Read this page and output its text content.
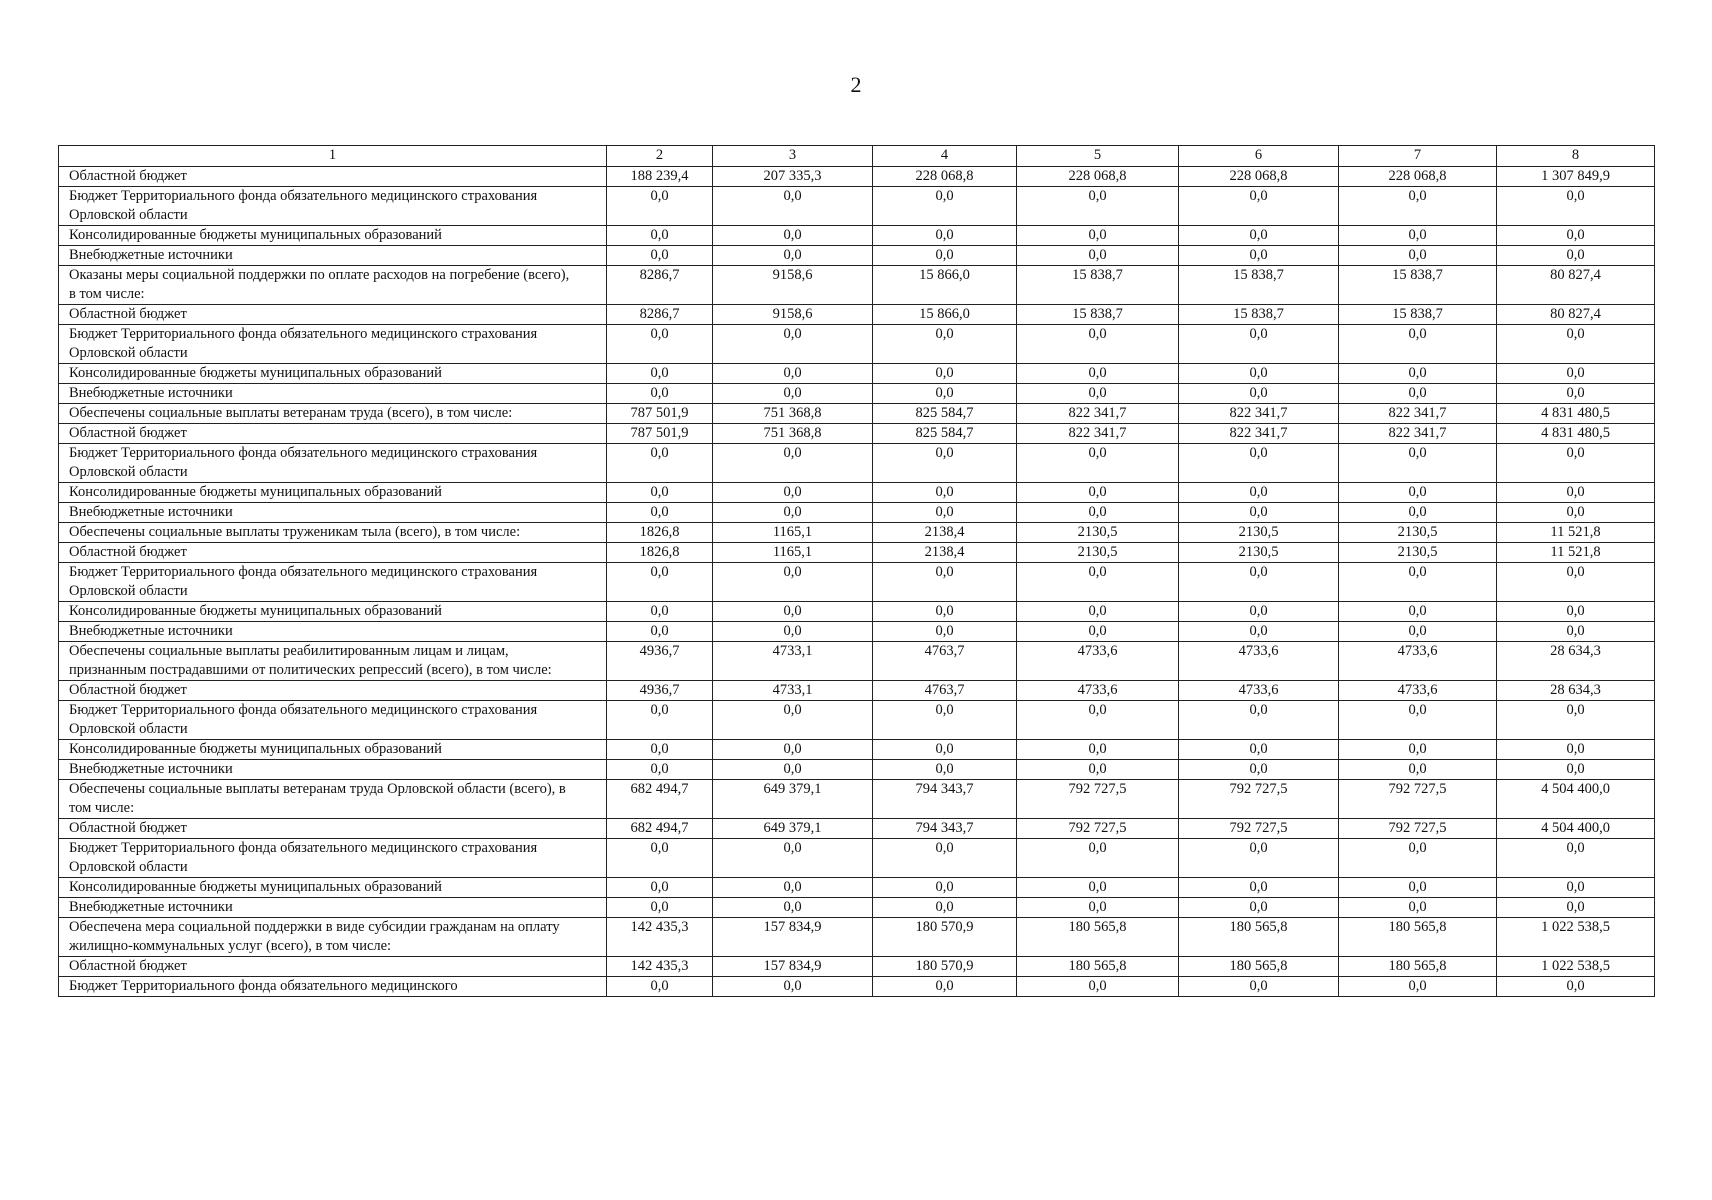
2
1	2	3	4	5	6	7	8
Областной бюджет	188 239,4	207 335,3	228 068,8	228 068,8	228 068,8	228 068,8	1 307 849,9
Бюджет Территориального фонда обязательного медицинского страхования Орловской области	0,0	0,0	0,0	0,0	0,0	0,0	0,0
Консолидированные бюджеты муниципальных образований	0,0	0,0	0,0	0,0	0,0	0,0	0,0
Внебюджетные источники	0,0	0,0	0,0	0,0	0,0	0,0	0,0
Оказаны меры социальной поддержки по оплате расходов на погребение (всего), в том числе:	8286,7	9158,6	15 866,0	15 838,7	15 838,7	15 838,7	80 827,4
Областной бюджет	8286,7	9158,6	15 866,0	15 838,7	15 838,7	15 838,7	80 827,4
Бюджет Территориального фонда обязательного медицинского страхования Орловской области	0,0	0,0	0,0	0,0	0,0	0,0	0,0
Консолидированные бюджеты муниципальных образований	0,0	0,0	0,0	0,0	0,0	0,0	0,0
Внебюджетные источники	0,0	0,0	0,0	0,0	0,0	0,0	0,0
Обеспечены социальные выплаты ветеранам труда (всего), в том числе:	787 501,9	751 368,8	825 584,7	822 341,7	822 341,7	822 341,7	4 831 480,5
Областной бюджет	787 501,9	751 368,8	825 584,7	822 341,7	822 341,7	822 341,7	4 831 480,5
Бюджет Территориального фонда обязательного медицинского страхования Орловской области	0,0	0,0	0,0	0,0	0,0	0,0	0,0
Консолидированные бюджеты муниципальных образований	0,0	0,0	0,0	0,0	0,0	0,0	0,0
Внебюджетные источники	0,0	0,0	0,0	0,0	0,0	0,0	0,0
Обеспечены социальные выплаты труженикам тыла (всего), в том числе:	1826,8	1165,1	2138,4	2130,5	2130,5	2130,5	11 521,8
Областной бюджет	1826,8	1165,1	2138,4	2130,5	2130,5	2130,5	11 521,8
Бюджет Территориального фонда обязательного медицинского страхования Орловской области	0,0	0,0	0,0	0,0	0,0	0,0	0,0
Консолидированные бюджеты муниципальных образований	0,0	0,0	0,0	0,0	0,0	0,0	0,0
Внебюджетные источники	0,0	0,0	0,0	0,0	0,0	0,0	0,0
Обеспечены социальные выплаты реабилитированным лицам и лицам, признанным пострадавшими от политических репрессий (всего), в том числе:	4936,7	4733,1	4763,7	4733,6	4733,6	4733,6	28 634,3
Областной бюджет	4936,7	4733,1	4763,7	4733,6	4733,6	4733,6	28 634,3
Бюджет Территориального фонда обязательного медицинского страхования Орловской области	0,0	0,0	0,0	0,0	0,0	0,0	0,0
Консолидированные бюджеты муниципальных образований	0,0	0,0	0,0	0,0	0,0	0,0	0,0
Внебюджетные источники	0,0	0,0	0,0	0,0	0,0	0,0	0,0
Обеспечены социальные выплаты ветеранам труда Орловской области (всего), в том числе:	682 494,7	649 379,1	794 343,7	792 727,5	792 727,5	792 727,5	4 504 400,0
Областной бюджет	682 494,7	649 379,1	794 343,7	792 727,5	792 727,5	792 727,5	4 504 400,0
Бюджет Территориального фонда обязательного медицинского страхования Орловской области	0,0	0,0	0,0	0,0	0,0	0,0	0,0
Консолидированные бюджеты муниципальных образований	0,0	0,0	0,0	0,0	0,0	0,0	0,0
Внебюджетные источники	0,0	0,0	0,0	0,0	0,0	0,0	0,0
Обеспечена мера социальной поддержки в виде субсидии гражданам на оплату жилищно-коммунальных услуг (всего), в том числе:	142 435,3	157 834,9	180 570,9	180 565,8	180 565,8	180 565,8	1 022 538,5
Областной бюджет	142 435,3	157 834,9	180 570,9	180 565,8	180 565,8	180 565,8	1 022 538,5
Бюджет Территориального фонда обязательного медицинского	0,0	0,0	0,0	0,0	0,0	0,0	0,0
